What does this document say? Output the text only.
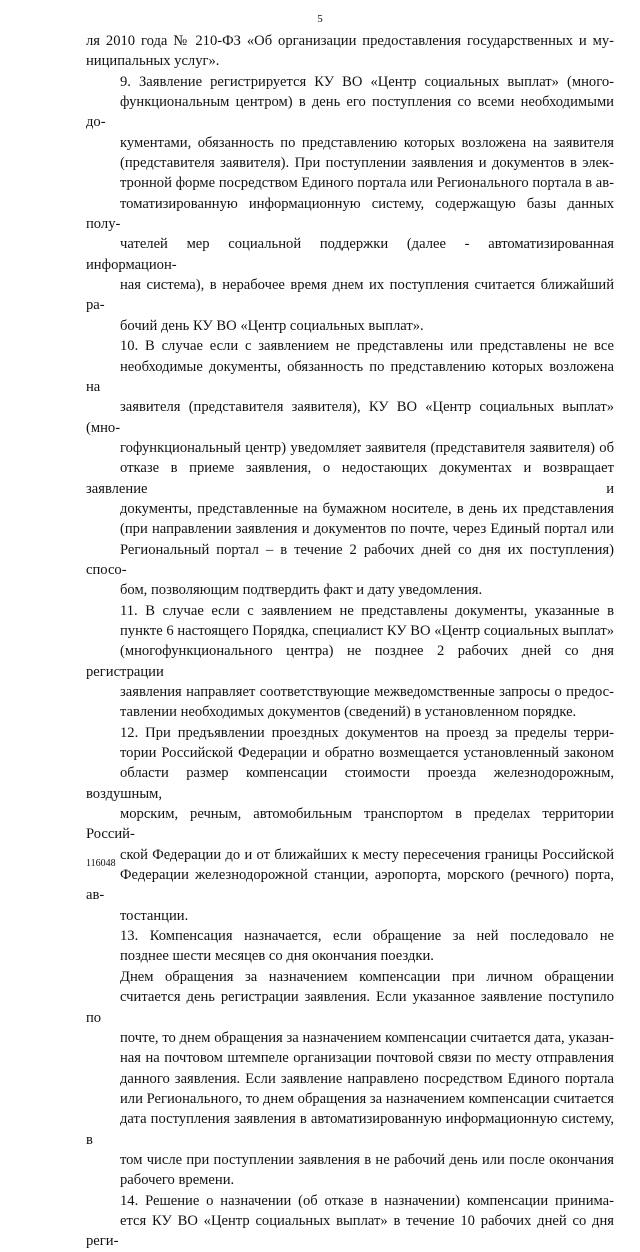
5

ля 2010 года № 210-ФЗ «Об организации предоставления государственных и му-
ниципальных услуг».

9. Заявление регистрируется КУ ВО «Центр социальных выплат» (много-
функциональным центром) в день его поступления со всеми необходимыми до-
кументами, обязанность по представлению которых возложена на заявителя
(представителя заявителя). При поступлении заявления и документов в элек-
тронной форме посредством Единого портала или Регионального портала в ав-
томатизированную информационную систему, содержащую базы данных полу-
чателей мер социальной поддержки (далее - автоматизированная информацион-
ная система), в нерабочее время днем их поступления считается ближайший ра-
бочий день КУ ВО «Центр социальных выплат».

10. В случае если с заявлением не представлены или представлены не все
необходимые документы, обязанность по представлению которых возложена на
заявителя (представителя заявителя), КУ ВО «Центр социальных выплат» (мно-
гофункциональный центр) уведомляет заявителя (представителя заявителя) об
отказе в приеме заявления, о недостающих документах и возвращает заявление и
документы, представленные на бумажном носителе, в день их представления
(при направлении заявления и документов по почте, через Единый портал или
Региональный портал – в течение 2 рабочих дней со дня их поступления) спосо-
бом, позволяющим подтвердить факт и дату уведомления.

11. В случае если с заявлением не представлены документы, указанные в
пункте 6 настоящего Порядка, специалист КУ ВО «Центр социальных выплат»
(многофункционального центра) не позднее 2 рабочих дней со дня регистрации
заявления направляет соответствующие межведомственные запросы о предос-
тавлении необходимых документов (сведений) в установленном порядке.

12. При предъявлении проездных документов на проезд за пределы терри-
тории Российской Федерации и обратно возмещается установленный законом
области размер компенсации стоимости проезда железнодорожным, воздушным,
морским, речным, автомобильным транспортом в пределах территории Россий-
ской Федерации до и от ближайших к месту пересечения границы Российской
Федерации железнодорожной станции, аэропорта, морского (речного) порта, ав-
тостанции.

13. Компенсация назначается, если обращение за ней последовало не
позднее шести месяцев со дня окончания поездки.

Днем обращения за назначением компенсации при личном обращении
считается день регистрации заявления. Если указанное заявление поступило по
почте, то днем обращения за назначением компенсации считается дата, указан-
ная на почтовом штемпеле организации почтовой связи по месту отправления
данного заявления. Если заявление направлено посредством Единого портала
или Регионального, то днем обращения за назначением компенсации считается
дата поступления заявления в автоматизированную информационную систему, в
том числе при поступлении заявления в не рабочий день или после окончания
рабочего времени.

14. Решение о назначении (об отказе в назначении) компенсации принима-
ется КУ ВО «Центр социальных выплат» в течение 10 рабочих дней со дня реги-

116048
